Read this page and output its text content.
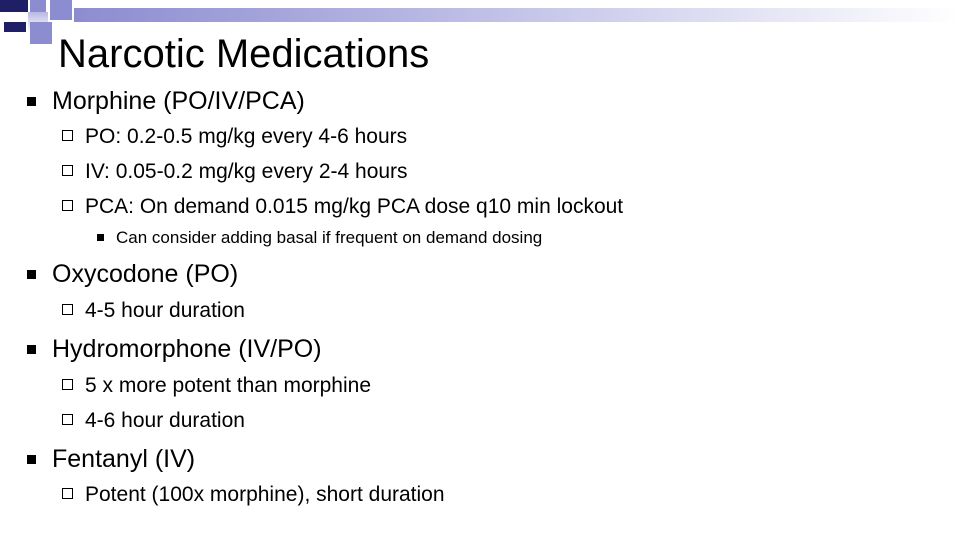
Narcotic Medications
Morphine (PO/IV/PCA)
PO: 0.2-0.5 mg/kg every 4-6 hours
IV: 0.05-0.2 mg/kg every 2-4 hours
PCA: On demand 0.015 mg/kg PCA dose q10 min lockout
Can consider adding basal if frequent on demand dosing
Oxycodone (PO)
4-5 hour duration
Hydromorphone (IV/PO)
5 x more potent than morphine
4-6 hour duration
Fentanyl (IV)
Potent (100x morphine), short duration
